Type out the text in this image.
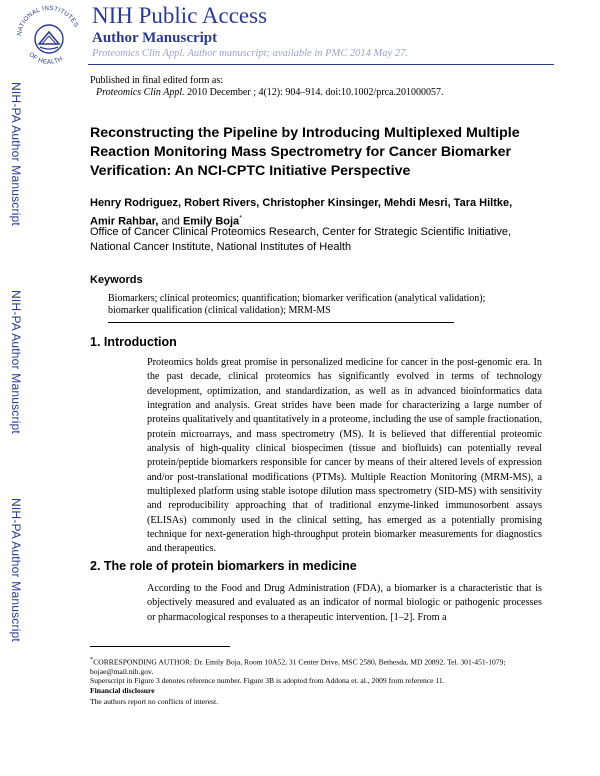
NATIONAL INSTITUTES
OF HEALTH
NIH Public Access
Author Manuscript
Proteomics Clin Appl. Author manuscript; available in PMC 2014 May 27.
NIH-PA Author Manuscript
NIH-PA Author Manuscript
NIH-PA Author Manuscript
Published in final edited form as:
Proteomics Clin Appl. 2010 December ; 4(12): 904–914. doi:10.1002/prca.201000057.
Reconstructing the Pipeline by Introducing Multiplexed Multiple Reaction Monitoring Mass Spectrometry for Cancer Biomarker Verification: An NCI-CPTC Initiative Perspective
Henry Rodriguez, Robert Rivers, Christopher Kinsinger, Mehdi Mesri, Tara Hiltke, Amir Rahbar, and Emily Boja*
Office of Cancer Clinical Proteomics Research, Center for Strategic Scientific Initiative, National Cancer Institute, National Institutes of Health
Keywords
Biomarkers; clinical proteomics; quantification; biomarker verification (analytical validation); biomarker qualification (clinical validation); MRM-MS
1. Introduction
Proteomics holds great promise in personalized medicine for cancer in the post-genomic era. In the past decade, clinical proteomics has significantly evolved in terms of technology development, optimization, and standardization, as well as in advanced bioinformatics data integration and analysis. Great strides have been made for characterizing a large number of proteins qualitatively and quantitatively in a proteome, including the use of sample fractionation, protein microarrays, and mass spectrometry (MS). It is believed that differential proteomic analysis of high-quality clinical biospecimen (tissue and biofluids) can potentially reveal protein/peptide biomarkers responsible for cancer by means of their altered levels of expression and/or post-translational modifications (PTMs). Multiple Reaction Monitoring (MRM-MS), a multiplexed platform using stable isotope dilution mass spectrometry (SID-MS) with sensitivity and reproducibility approaching that of traditional enzyme-linked immunosorbent assays (ELISAs) commonly used in the clinical setting, has emerged as a potentially promising technique for next-generation high-throughput protein biomarker measurements for diagnostics and therapeutics.
2. The role of protein biomarkers in medicine
According to the Food and Drug Administration (FDA), a biomarker is a characteristic that is objectively measured and evaluated as an indicator of normal biologic or pathogenic processes or pharmacological responses to a therapeutic intervention. [1–2]. From a
*CORRESPONDING AUTHOR: Dr. Emily Boja, Room 10A52, 31 Center Drive, MSC 2580, Bethesda, MD 20892. Tel. 301-451-1079; bojae@mail.nih.gov.
Superscript in Figure 3 denotes reference number. Figure 3B is adopted from Addona et. al., 2009 from reference 11.
Financial disclosure
The authors report no conflicts of interest.
